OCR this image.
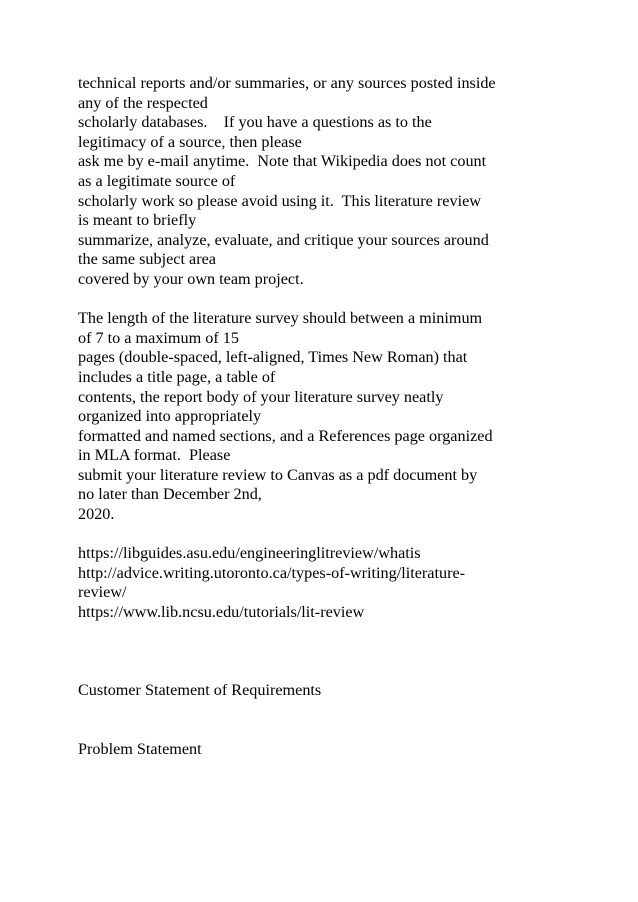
technical reports and/or summaries, or any sources posted inside
any of the respected
scholarly databases.    If you have a questions as to the
legitimacy of a source, then please
ask me by e-mail anytime.  Note that Wikipedia does not count
as a legitimate source of
scholarly work so please avoid using it.  This literature review
is meant to briefly
summarize, analyze, evaluate, and critique your sources around
the same subject area
covered by your own team project.
The length of the literature survey should between a minimum
of 7 to a maximum of 15
pages (double-spaced, left-aligned, Times New Roman) that
includes a title page, a table of
contents, the report body of your literature survey neatly
organized into appropriately
formatted and named sections, and a References page organized
in MLA format.  Please
submit your literature review to Canvas as a pdf document by
no later than December 2nd,
2020.
https://libguides.asu.edu/engineeringlitreview/whatis
http://advice.writing.utoronto.ca/types-of-writing/literature-
review/
https://www.lib.ncsu.edu/tutorials/lit-review
Customer Statement of Requirements
Problem Statement
